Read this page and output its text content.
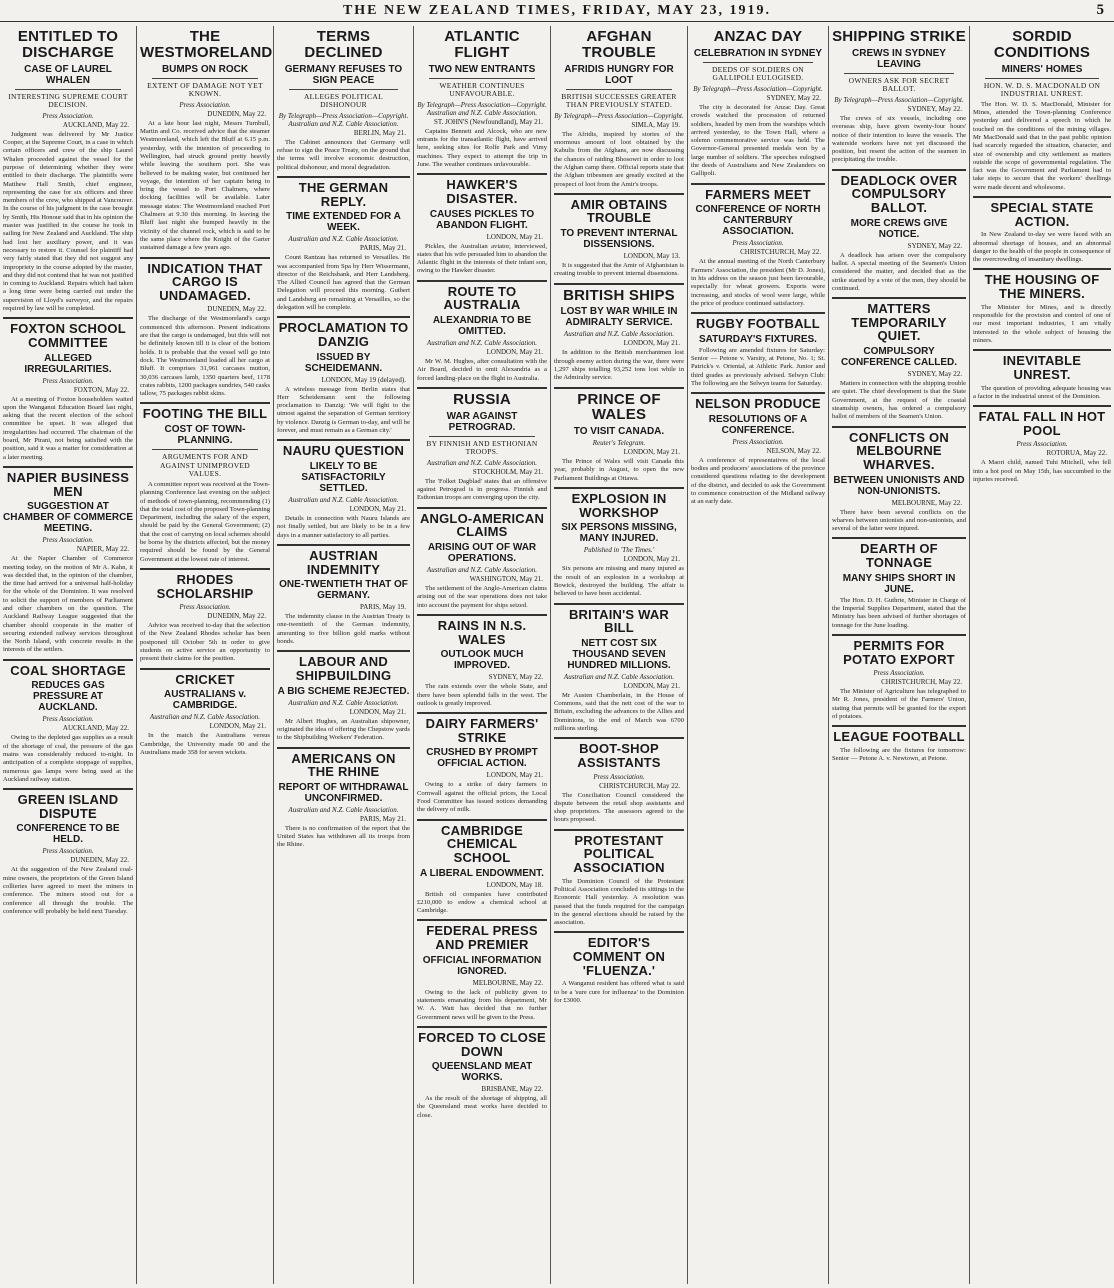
THE NEW ZEALAND TIMES, FRIDAY, MAY 23, 1919.	5
ENTITLED TO DISCHARGE
CASE OF LAUREL WHALEN
INTERESTING SUPREME COURT DECISION.
Press Association.
AUCKLAND, May 22.

Judgment was delivered by Mr Justice Cooper, at the Supreme Court, in a case in which certain officers and crew of the ship Laurel Whalen proceeded against the vessel for the purpose of determining whether they were entitled to their discharge. The plaintiffs were Matthew Hall Smith, chief engineer, representing the case for six officers and three members of the crew, who shipped at Vancouver. In the course of his judgment in the case brought by Smith, His Honour said that in his opinion the master was justified in the course he took in sailing for New Zealand and Auckland. The ship had lost her auxiliary power, and it was necessary to restore it. Counsel for plaintiff had very fairly stated that they did not suggest any impropriety in the course adopted by the master, and they did not contend that he was not justified in coming to Auckland. Repairs which had taken a long time were being carried out under the supervision of Lloyd's surveyor, and the repairs required by law will be completed.

FOXTON SCHOOL COMMITTEE
ALLEGED IRREGULARITIES.
Press Association.
FOXTON, May 22.

At a meeting of Foxton householders waited upon the Wanganui Education Board last night, asking that the recent election of the school committee be upset. It was alleged that irregularities had occurred. The chairman of the board, Mr Pirani, not being satisfied with the position, said it was a matter for consideration at a later meeting.

NAPIER BUSINESS MEN
SUGGESTION AT CHAMBER OF COMMERCE MEETING.
Press Association.
NAPIER, May 22.

At the Napier Chamber of Commerce meeting today, on the motion of Mr A. Kahn, it was decided that, in the opinion of the chamber, the time had arrived for a universal half-holiday for the whole of the Dominion. It was resolved to solicit the support of members of Parliament and other chambers on the question. The Auckland Railway League suggested that the chamber should cooperate in the matter of securing extended railway services throughout the North Island, with concrete results in the interests of the settlers.

COAL SHORTAGE
REDUCES GAS PRESSURE AT AUCKLAND.
Press Association.
AUCKLAND, May 22.

Owing to the depleted gas supplies as a result of the shortage of coal, the pressure of the gas mains was considerably reduced to-night. In anticipation of a complete stoppage of supplies, numerous gas lamps were being used at the Auckland railway station.

GREEN ISLAND DISPUTE
CONFERENCE TO BE HELD.
Press Association.
DUNEDIN, May 22.

At the suggestion of the New Zealand coal-mine owners, the proprietors of the Green Island collieries have agreed to meet the miners in conference. The miners stood out for a conference all through the trouble. The conference will probably be held next Tuesday.

THE WESTMORELAND
BUMPS ON ROCK
EXTENT OF DAMAGE NOT YET KNOWN.
Press Association.
DUNEDIN, May 22.

At a late hour last night, Messrs Turnbull, Martin and Co. received advice that the steamer Westmoreland, which left the Bluff at 6.15 p.m. yesterday, with the intention of proceeding to Wellington, had struck ground pretty heavily while leaving the southern port. She was believed to be making water, but continued her voyage, the intention of her captain being to bring the vessel to Port Chalmers, where docking facilities will be available. Later message states: The Westmoreland reached Port Chalmers at 9.30 this morning. In leaving the Bluff last night she bumped heavily in the vicinity of the channel rock, which is said to be the same place where the Knight of the Garter sustained damage a few years ago.

INDICATION THAT CARGO IS UNDAMAGED.
DUNEDIN, May 22.

The discharge of the Westmoreland's cargo commenced this afternoon. Present indications are that the cargo is undamaged, but this will not be definitely known till it is clear of the bottom holds. It is probable that the vessel will go into dock. The Westmoreland loaded all her cargo at Bluff. It comprises 31,961 carcases mutton, 30,036 carcases lamb, 1350 quarters beef, 1178 crates rabbits, 1200 packages sundries, 540 casks tallow, 75 packages rabbit skins.

FOOTING THE BILL
COST OF TOWN-PLANNING.
ARGUMENTS FOR AND AGAINST UNIMPROVED VALUES.

A committee report was received at the Town-planning Conference last evening on the subject of methods of town-planning, recommending (1) that the total cost of the proposed Town-planning Department, including the salary of the expert, should be paid by the General Government; (2) that the cost of carrying on local schemes should be borne by the districts affected, but the money required should be found by the General Government at the lowest rate of interest.

RHODES SCHOLARSHIP
Press Association.
DUNEDIN, May 22.

Advice was received to-day that the selection of the New Zealand Rhodes scholar has been postponed till October 5th in order to give students on active service an opportunity to present their claims for the position.

CRICKET
AUSTRALIANS v. CAMBRIDGE.
Australian and N.Z. Cable Association.
LONDON, May 21.

In the match the Australians versus Cambridge, the University made 90 and the Australians made 358 for seven wickets.

TERMS DECLINED
GERMANY REFUSES TO SIGN PEACE
ALLEGES POLITICAL DISHONOUR
By Telegraph—Press Association—Copyright. Australian and N.Z. Cable Association.
BERLIN, May 21.

The Cabinet announces that Germany will refuse to sign the Peace Treaty, on the ground that the terms will involve economic destruction, political dishonour, and moral degradation.

THE GERMAN REPLY.
TIME EXTENDED FOR A WEEK.
Australian and N.Z. Cable Association.
PARIS, May 21.

Count Rantzau has returned to Versailles. He was accompanied from Spa by Herr Wissermann, director of the Reichsbank, and Herr Landsberg. The Allied Council has agreed that the German Delegation will proceed this morning. Gutbert and Landsberg are remaining at Versailles, so the delegation will be complete.

PROCLAMATION TO DANZIG
ISSUED BY SCHEIDEMANN.
LONDON, May 19 (delayed).

A wireless message from Berlin states that Herr Scheidemann sent the following proclamation to Danzig: 'We will fight to the utmost against the separation of German territory by violence. Danzig is German to-day, and will be forever, and must remain as a German city.'

NAURU QUESTION
LIKELY TO BE SATISFACTORILY SETTLED.
Australian and N.Z. Cable Association.
LONDON, May 21.

Details in connection with Nauru Islands are not finally settled, but are likely to be in a few days in a manner satisfactory to all parties.

AUSTRIAN INDEMNITY
ONE-TWENTIETH THAT OF GERMANY.
PARIS, May 19.

The indemnity clause in the Austrian Treaty is one-twentieth of the German indemnity, amounting to five billion gold marks without bonds.

LABOUR AND SHIPBUILDING
A BIG SCHEME REJECTED.
Australian and N.Z. Cable Association.
LONDON, May 21.

Mr Albert Hughes, an Australian shipowner, originated the idea of offering the Chepstow yards to the Shipbuilding Workers' Federation.

AMERICANS ON THE RHINE
REPORT OF WITHDRAWAL UNCONFIRMED.
Australian and N.Z. Cable Association.
PARIS, May 21.

There is no confirmation of the report that the United States has withdrawn all its troops from the Rhine.

ATLANTIC FLIGHT
TWO NEW ENTRANTS
WEATHER CONTINUES UNFAVOURABLE.
By Telegraph—Press Association—Copyright. Australian and N.Z. Cable Association.
ST. JOHN'S (Newfoundland), May 21.

Captains Bennett and Alcock, who are new entrants for the transatlantic flight, have arrived here, seeking sites for Rolfe Park and Vimy machines. They expect to attempt the trip in June. The weather continues unfavourable.

HAWKER'S DISASTER.
CAUSES PICKLES TO ABANDON FLIGHT.
LONDON, May 21.

Pickles, the Australian aviator, interviewed, states that his wife persuaded him to abandon the Atlantic flight in the interests of their infant son, owing to the Hawker disaster.

ROUTE TO AUSTRALIA
ALEXANDRIA TO BE OMITTED.
Australian and N.Z. Cable Association.
LONDON, May 21.

Mr W. M. Hughes, after consultation with the Air Board, decided to omit Alexandria as a forced landing-place on the flight to Australia.

RUSSIA
WAR AGAINST PETROGRAD.
BY FINNISH AND ESTHONIAN TROOPS.
Australian and N.Z. Cable Association.
STOCKHOLM, May 21.

The 'Folket Dagblad' states that an offensive against Petrograd is in progress. Finnish and Esthonian troops are converging upon the city.

ANGLO-AMERICAN CLAIMS
ARISING OUT OF WAR OPERATIONS.
Australian and N.Z. Cable Association.
WASHINGTON, May 21.

The settlement of the Anglo-American claims arising out of the war operations does not take into account the payment for ships seized.

RAINS IN N.S. WALES
OUTLOOK MUCH IMPROVED.
SYDNEY, May 22.

The rain extends over the whole State, and there have been splendid falls in the west. The outlook is greatly improved.

DAIRY FARMERS' STRIKE
CRUSHED BY PROMPT OFFICIAL ACTION.
LONDON, May 21.

Owing to a strike of dairy farmers in Cornwall against the official prices, the Local Food Committee has issued notices demanding the delivery of milk.

CAMBRIDGE CHEMICAL SCHOOL
A LIBERAL ENDOWMENT.
LONDON, May 18.

British oil companies have contributed £210,000 to endow a chemical school at Cambridge.

FEDERAL PRESS AND PREMIER
OFFICIAL INFORMATION IGNORED.
MELBOURNE, May 22.

Owing to the lack of publicity given to statements emanating from his department, Mr W. A. Watt has decided that no further Government news will be given to the Press.

FORCED TO CLOSE DOWN
QUEENSLAND MEAT WORKS.
BRISBANE, May 22.

As the result of the shortage of shipping, all the Queensland meat works have decided to close.

AFGHAN TROUBLE
AFRIDIS HUNGRY FOR LOOT
BRITISH SUCCESSES GREATER THAN PREVIOUSLY STATED.
By Telegraph—Press Association—Copyright.
SIMLA, May 19.

The Afridis, inspired by stories of the enormous amount of loot obtained by the Kabulis from the Afghans, are now discussing the chances of raiding Bhosowri in order to loot the Afghan camp there. Official reports state that the Afghan tribesmen are greatly excited at the prospect of loot from the Amir's troops.

AMIR OBTAINS TROUBLE
TO PREVENT INTERNAL DISSENSIONS.
LONDON, May 13.

It is suggested that the Amir of Afghanistan is creating trouble to prevent internal dissensions.

BRITISH SHIPS
LOST BY WAR WHILE IN ADMIRALTY SERVICE.
Australian and N.Z. Cable Association.
LONDON, May 21.

In addition to the British merchantmen lost through enemy action during the war, there were 1,297 ships totalling 93,252 tons lost while in the Admiralty service.

PRINCE OF WALES
TO VISIT CANADA.
Reuter's Telegram.
LONDON, May 21.

The Prince of Wales will visit Canada this year, probably in August, to open the new Parliament Buildings at Ottawa.

EXPLOSION IN WORKSHOP
SIX PERSONS MISSING, MANY INJURED.
Published in 'The Times.'
LONDON, May 21.

Six persons are missing and many injured as the result of an explosion in a workshop at Bowick, destroyed the building. The affair is believed to have been accidental.

BRITAIN'S WAR BILL
NETT COST SIX THOUSAND SEVEN HUNDRED MILLIONS.
Australian and N.Z. Cable Association.
LONDON, May 21.

Mr Austen Chamberlain, in the House of Commons, said that the nett cost of the war to Britain, excluding the advances to the Allies and Dominions, to the end of March was 6700 millions sterling.

BOOT-SHOP ASSISTANTS
Press Association.
CHRISTCHURCH, May 22.

The Conciliation Council considered the dispute between the retail shop assistants and shop proprietors. The assessors agreed to the hours proposed.

PROTESTANT POLITICAL ASSOCIATION

The Dominion Council of the Protestant Political Association concluded its sittings in the Economic Hall yesterday. A resolution was passed that the funds required for the campaign in the general elections should be raised by the association.

EDITOR'S COMMENT ON 'FLUENZA.'

A Wanganui resident has offered what is said to be a 'sure cure for influenza' to the Dominion for £3000.

ANZAC DAY
CELEBRATION IN SYDNEY
DEEDS OF SOLDIERS ON GALLIPOLI EULOGISED.
By Telegraph—Press Association—Copyright.
SYDNEY, May 22.

The city is decorated for Anzac Day. Great crowds watched the procession of returned soldiers, headed by men from the warships which arrived yesterday, to the Town Hall, where a solemn commemorative service was held. The Governor-General presented medals won by a large number of soldiers. The speeches eulogised the deeds of Australians and New Zealanders on Gallipoli.

FARMERS MEET
CONFERENCE OF NORTH CANTERBURY ASSOCIATION.
Press Association.
CHRISTCHURCH, May 22.

At the annual meeting of the North Canterbury Farmers' Association, the president (Mr D. Jones), in his address on the season just been favourable, especially for wheat growers. Exports were increasing, and stocks of wool were large, while the price of produce continued satisfactory.

RUGBY FOOTBALL
SATURDAY'S FIXTURES.

Following are amended fixtures for Saturday: Senior — Petone v. Varsity, at Petone, No. 1; St. Patrick's v. Oriental, at Athletic Park. Junior and third grades as previously advised. Selwyn Club: The following are the Selwyn teams for Saturday.

NELSON PRODUCE
RESOLUTIONS OF A CONFERENCE.
Press Association.
NELSON, May 22.

A conference of representatives of the local bodies and producers' associations of the province considered questions relating to the development of the district, and decided to ask the Government to commence construction of the Midland railway at an early date.

SHIPPING STRIKE
CREWS IN SYDNEY LEAVING
OWNERS ASK FOR SECRET BALLOT.
By Telegraph—Press Association—Copyright.
SYDNEY, May 22.

The crews of six vessels, including one overseas ship, have given twenty-four hours' notice of their intention to leave the vessels. The waterside workers have not yet discussed the position, but resent the action of the seamen in precipitating the trouble.

DEADLOCK OVER COMPULSORY BALLOT.
MORE CREWS GIVE NOTICE.
SYDNEY, May 22.

A deadlock has arisen over the compulsory ballot. A special meeting of the Seamen's Union considered the matter, and decided that as the strike started by a vote of the men, they should be continued.

MATTERS TEMPORARILY QUIET.
COMPULSORY CONFERENCE CALLED.
SYDNEY, May 22.

Matters in connection with the shipping trouble are quiet. The chief development is that the State Government, at the request of the coastal steamship owners, has ordered a compulsory ballot of members of the Seamen's Union.

CONFLICTS ON MELBOURNE WHARVES.
BETWEEN UNIONISTS AND NON-UNIONISTS.
MELBOURNE, May 22.

There have been several conflicts on the wharves between unionists and non-unionists, and several of the latter were injured.

DEARTH OF TONNAGE
MANY SHIPS SHORT IN JUNE.

The Hon. D. H. Guthrie, Minister in Charge of the Imperial Supplies Department, stated that the Ministry has been advised of further shortages of tonnage for the June loading.

PERMITS FOR POTATO EXPORT
Press Association.
CHRISTCHURCH, May 22.

The Minister of Agriculture has telegraphed to Mr R. Jones, president of the Farmers' Union, stating that permits will be granted for the export of potatoes.

LEAGUE FOOTBALL

The following are the fixtures for tomorrow: Senior — Petone A. v. Newtown, at Petone.

SORDID CONDITIONS
MINERS' HOMES
HON. W. D. S. MACDONALD ON INDUSTRIAL UNREST.

The Hon. W. D. S. MacDonald, Minister for Mines, attended the Town-planning Conference yesterday and delivered a speech in which he touched on the conditions of the mining villages. Mr MacDonald said that in the past public opinion had scarcely regarded the situation, character, and size of ownership and city settlement as matters outside the scope of governmental regulation. The fact was the Government and Parliament had to take steps to secure that the workers' dwellings were made decent and wholesome.

SPECIAL STATE ACTION.

In New Zealand to-day we were faced with an abnormal shortage of houses, and an abnormal danger to the health of the people in consequence of the overcrowding of insanitary dwellings.

THE HOUSING OF THE MINERS.

The Minister for Mines, and is directly responsible for the provision and control of one of our most important industries, I am vitally interested in the whole subject of housing the miners.

INEVITABLE UNREST.

The question of providing adequate housing was a factor in the industrial unrest of the Dominion.

FATAL FALL IN HOT POOL
Press Association.
ROTORUA, May 22.

A Maori child, named Tuhi Mitchell, who fell into a hot pool on May 15th, has succumbed to the injuries received.
